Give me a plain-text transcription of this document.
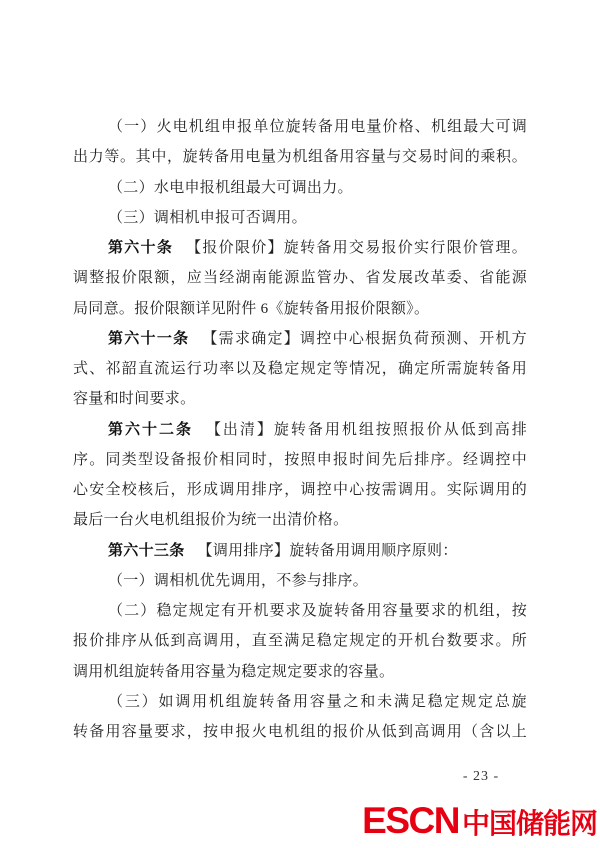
（一）火电机组申报单位旋转备用电量价格、机组最大可调
出力等。其中，旋转备用电量为机组备用容量与交易时间的乘积。
（二）水电申报机组最大可调出力。
（三）调相机申报可否调用。
第六十条 【报价限价】旋转备用交易报价实行限价管理。
调整报价限额，应当经湖南能源监管办、省发展改革委、省能源
局同意。报价限额详见附件 6《旋转备用报价限额》。
第六十一条 【需求确定】调控中心根据负荷预测、开机方
式、祁韶直流运行功率以及稳定规定等情况，确定所需旋转备用
容量和时间要求。
第六十二条 【出清】旋转备用机组按照报价从低到高排
序。同类型设备报价相同时，按照申报时间先后排序。经调控中
心安全校核后，形成调用排序，调控中心按需调用。实际调用的
最后一台火电机组报价为统一出清价格。
第六十三条 【调用排序】旋转备用调用顺序原则：
（一）调相机优先调用，不参与排序。
（二）稳定规定有开机要求及旋转备用容量要求的机组，按
报价排序从低到高调用，直至满足稳定规定的开机台数要求。所
调用机组旋转备用容量为稳定规定要求的容量。
（三）如调用机组旋转备用容量之和未满足稳定规定总旋
转备用容量要求，按申报火电机组的报价从低到高调用（含以上
- 23 -
ESCN 中国储能网
